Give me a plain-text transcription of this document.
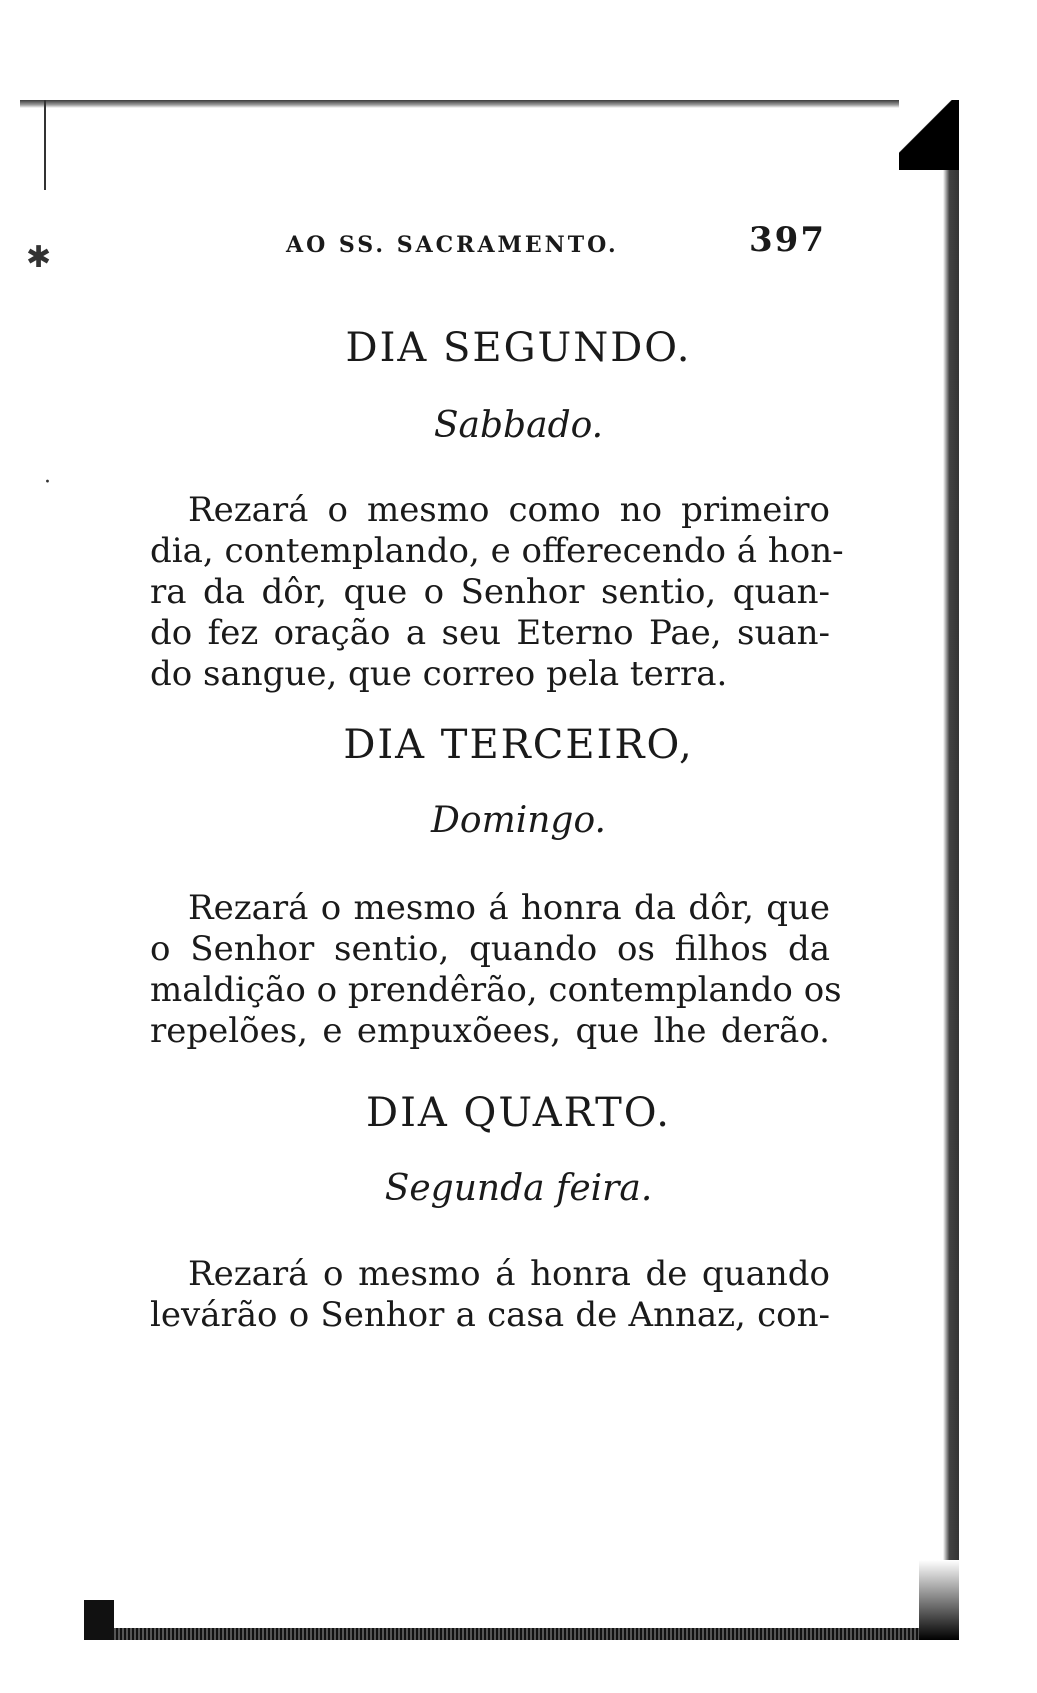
✱
·
AO SS. SACRAMENTO.	397
DIA SEGUNDO.
Sabbado.
Rezará o mesmo como no primeiro
dia, contemplando, e offerecendo á hon-
ra da dôr, que o Senhor sentio, quan-
do fez oração a seu Eterno Pae, suan-
do sangue, que correo pela terra.
DIA TERCEIRO,
Domingo.
Rezará o mesmo á honra da dôr, que
o Senhor sentio, quando os filhos da
maldição o prendêrão, contemplando os
repelões, e empuxõees, que lhe derão.
DIA QUARTO.
Segunda feira.
Rezará o mesmo á honra de quando
levárão o Senhor a casa de Annaz, con-
